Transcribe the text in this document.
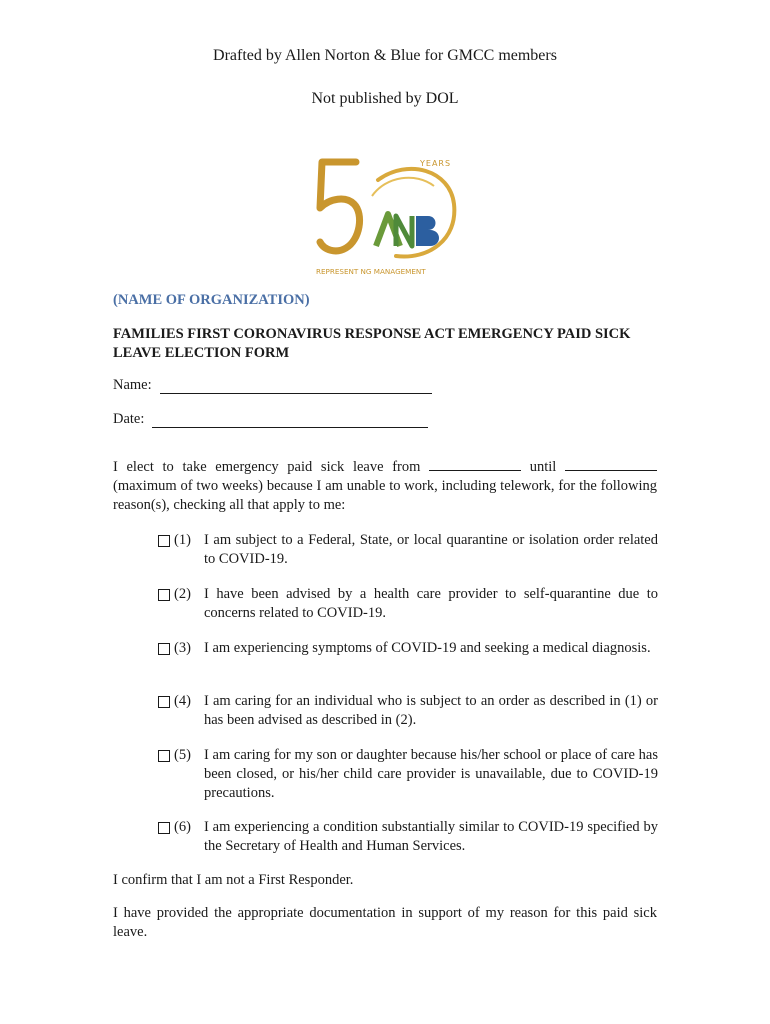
Drafted by Allen Norton & Blue for GMCC members
Not published by DOL
YEARS
REPRESENT NG MANAGEMENT
(NAME OF ORGANIZATION)
FAMILIES FIRST CORONAVIRUS RESPONSE ACT EMERGENCY PAID SICK LEAVE ELECTION FORM
Name:
Date:
I elect to take emergency paid sick leave from	until  (maximum of two weeks) because I am unable to work, including telework, for the following reason(s), checking all that apply to me:
(1) I am subject to a Federal, State, or local quarantine or isolation order related to COVID-19.
(2) I have been advised by a health care provider to self-quarantine due to concerns related to COVID-19.
(3) I am experiencing symptoms of COVID-19 and seeking a medical diagnosis.
(4) I am caring for an individual who is subject to an order as described in (1) or has been advised as described in (2).
(5) I am caring for my son or daughter because his/her school or place of care has been closed, or his/her child care provider is unavailable, due to COVID-19 precautions.
(6) I am experiencing a condition substantially similar to COVID-19 specified by the Secretary of Health and Human Services.
I confirm that I am not a First Responder.
I have provided the appropriate documentation in support of my reason for this paid sick leave.
